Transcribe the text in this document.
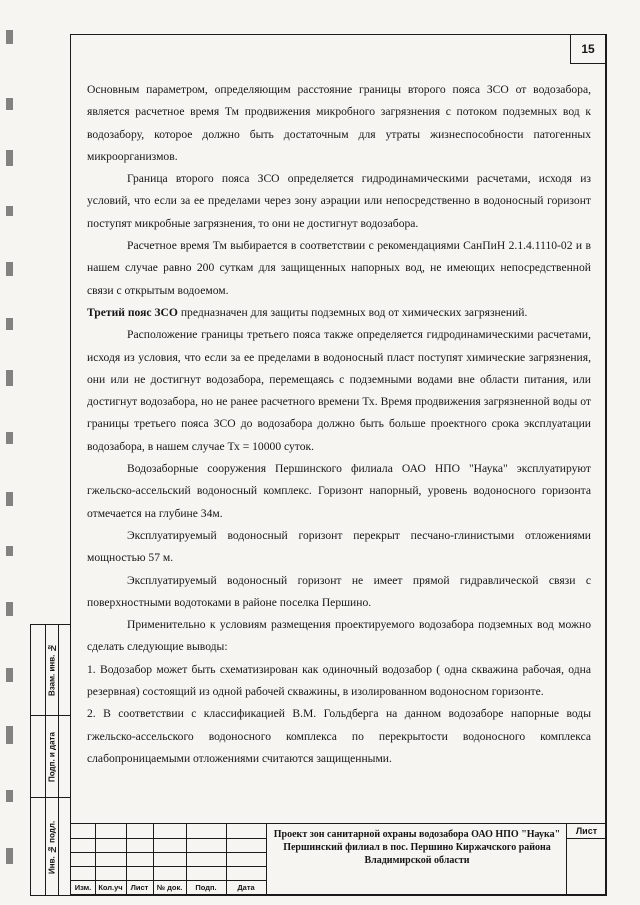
Взам. инв. №
Подп. и дата
Инв. № подл.
15

Основным параметром, определяющим расстояние границы второго пояса ЗСО от водозабора, является расчетное время Тм продвижения микробного загрязнения с потоком подземных вод к водозабору, которое должно быть достаточным для утраты жизнеспособности патогенных микроорганизмов.

Граница второго пояса ЗСО определяется гидродинамическими расчетами, исходя из условий, что если за ее пределами через зону аэрации или непосредственно в водоносный горизонт поступят микробные загрязнения, то они не достигнут водозабора.

Расчетное время Тм выбирается в соответствии с рекомендациями СанПиН 2.1.4.1110-02 и в нашем случае равно 200 суткам для защищенных напорных вод, не имеющих непосредственной связи с открытым водоемом.

Третий пояс ЗСО предназначен для защиты подземных вод от химических загрязнений.

Расположение границы третьего пояса также определяется гидродинамическими расчетами, исходя из условия, что если за ее пределами в водоносный пласт поступят химические загрязнения, они или не достигнут водозабора, перемещаясь с подземными водами вне области питания, или достигнут водозабора, но не ранее расчетного времени Тх. Время продвижения загрязненной воды от границы третьего пояса ЗСО до водозабора должно быть больше проектного срока эксплуатации водозабора, в нашем случае Тх = 10000 суток.

Водозаборные сооружения Першинского филиала ОАО НПО "Наука" эксплуатируют гжельско-ассельский водоносный комплекс. Горизонт напорный, уровень водоносного горизонта отмечается на глубине 34м.

Эксплуатируемый водоносный горизонт перекрыт песчано-глинистыми отложениями мощностью 57 м.

Эксплуатируемый водоносный горизонт не имеет прямой гидравлической связи с поверхностными водотоками в районе поселка Першино.

Применительно к условиям размещения проектируемого водозабора подземных вод можно сделать следующие выводы:

1. Водозабор может быть схематизирован как одиночный водозабор ( одна скважина рабочая, одна резервная) состоящий из одной рабочей скважины, в изолированном водоносном горизонте.

2. В соответствии с классификацией В.М. Гольдберга на данном водозаборе напорные воды гжельско-ассельского водоносного комплекса по перекрытости водоносного комплекса слабопроницаемыми отложениями считаются защищенными.

Изм. Кол.уч	Лист	№ док.	Подп.	Дата
Проект зон санитарной охраны водозабора ОАО НПО "Наука" Першинский филиал в пос. Першино Киржачского района Владимирской области
Лист
